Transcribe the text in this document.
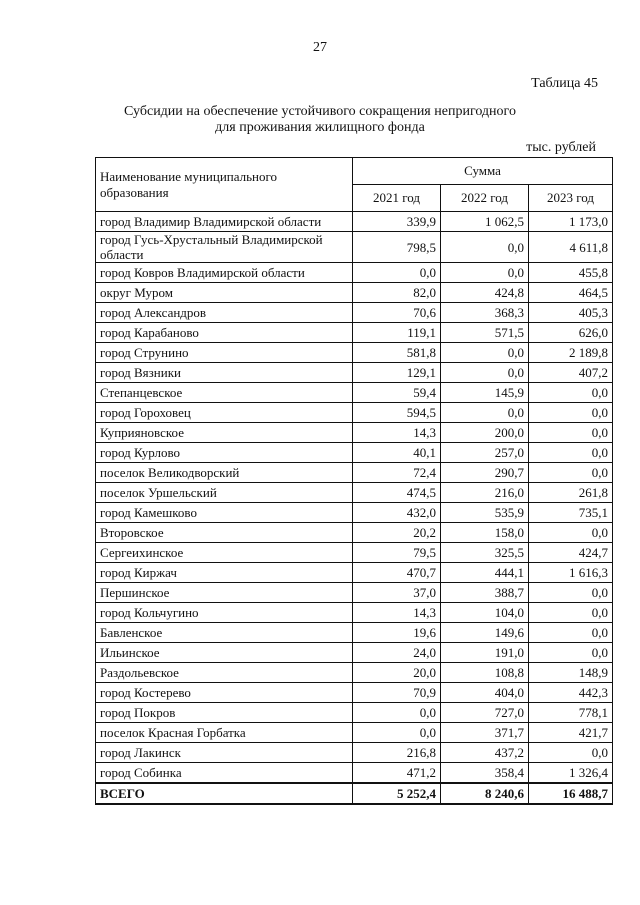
27
Таблица 45
Субсидии на обеспечение устойчивого сокращения непригодного
для проживания жилищного фонда
тыс. рублей
Наименование муниципального образования	Сумма		
	2021 год	2022 год	2023 год
город Владимир Владимирской области	339,9	1 062,5	1 173,0
город Гусь-Хрустальный Владимирской области	798,5	0,0	4 611,8
город Ковров Владимирской области	0,0	0,0	455,8
округ Муром	82,0	424,8	464,5
город Александров	70,6	368,3	405,3
город Карабаново	119,1	571,5	626,0
город Струнино	581,8	0,0	2 189,8
город Вязники	129,1	0,0	407,2
Степанцевское	59,4	145,9	0,0
город Гороховец	594,5	0,0	0,0
Куприяновское	14,3	200,0	0,0
город Курлово	40,1	257,0	0,0
поселок Великодворский	72,4	290,7	0,0
поселок Уршельский	474,5	216,0	261,8
город Камешково	432,0	535,9	735,1
Второвское	20,2	158,0	0,0
Сергеихинское	79,5	325,5	424,7
город Киржач	470,7	444,1	1 616,3
Першинское	37,0	388,7	0,0
город Кольчугино	14,3	104,0	0,0
Бавленское	19,6	149,6	0,0
Ильинское	24,0	191,0	0,0
Раздольевское	20,0	108,8	148,9
город Костерево	70,9	404,0	442,3
город Покров	0,0	727,0	778,1
поселок Красная Горбатка	0,0	371,7	421,7
город Лакинск	216,8	437,2	0,0
город Собинка	471,2	358,4	1 326,4
ВСЕГО	5 252,4	8 240,6	16 488,7
